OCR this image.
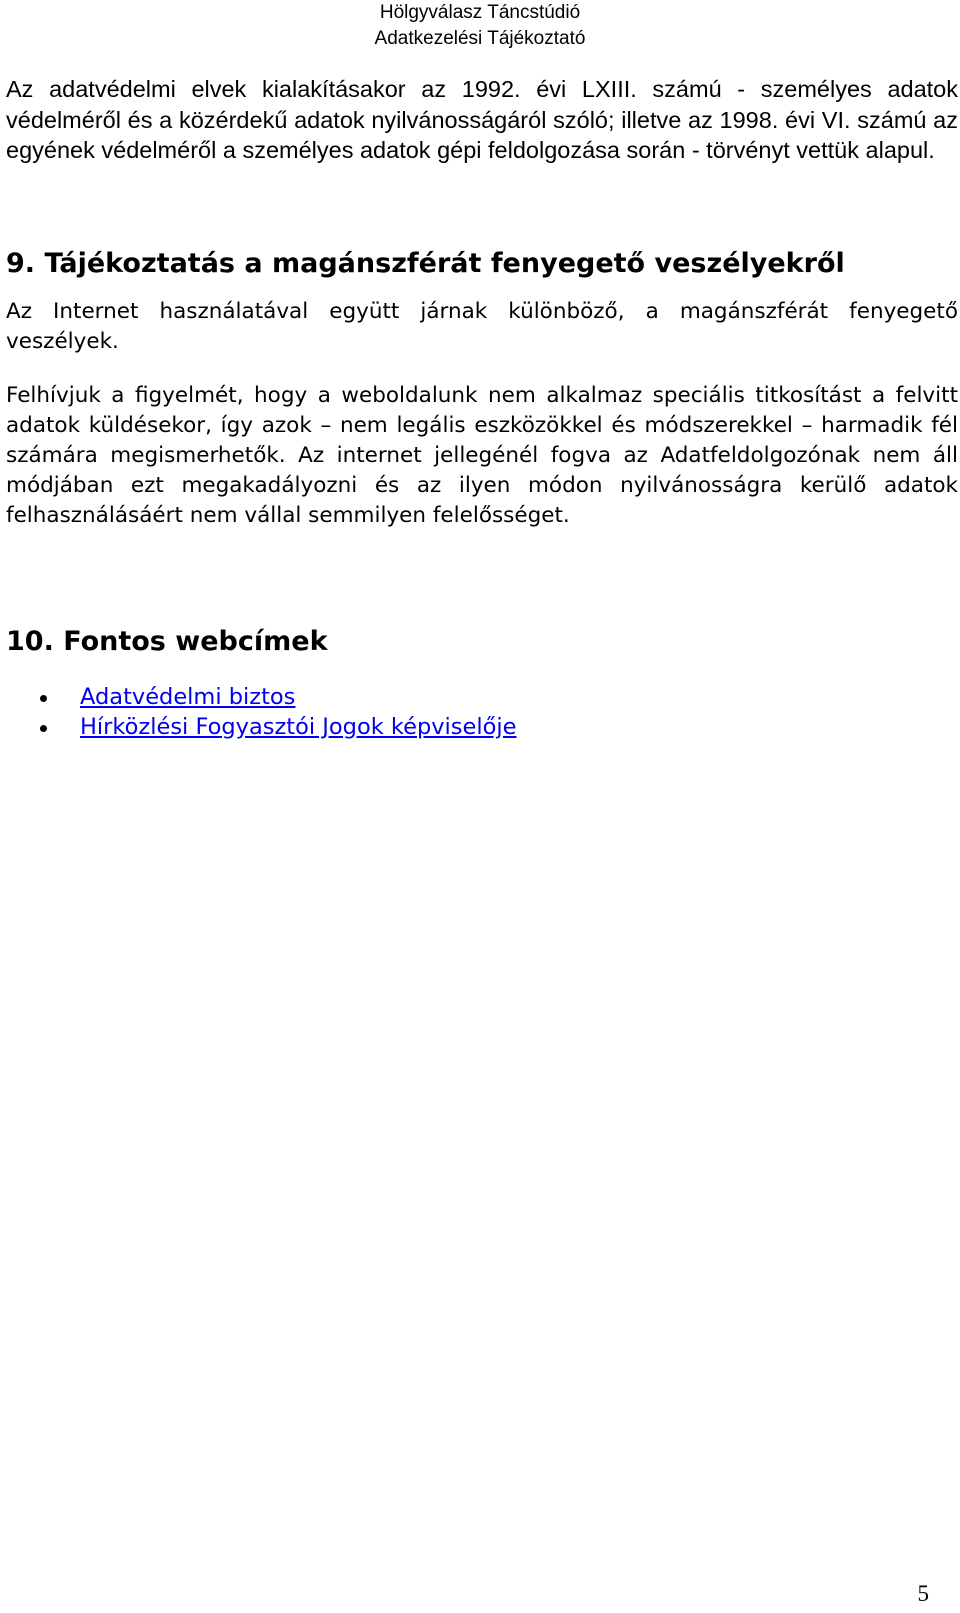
Hölgyválasz Táncstúdió
Adatkezelési Tájékoztató

Az adatvédelmi elvek kialakításakor az 1992. évi LXIII. számú - személyes adatok védelméről és a közérdekű adatok nyilvánosságáról szóló; illetve az 1998. évi VI. számú az egyének védelméről a személyes adatok gépi feldolgozása során - törvényt vettük alapul.

9. Tájékoztatás a magánszférát fenyegető veszélyekről

Az Internet használatával együtt járnak különböző, a magánszférát fenyegető veszélyek.

Felhívjuk a figyelmét, hogy a weboldalunk nem alkalmaz speciális titkosítást a felvitt adatok küldésekor, így azok – nem legális eszközökkel és módszerekkel – harmadik fél számára megismerhetők. Az internet jellegénél fogva az Adatfeldolgozónak nem áll módjában ezt megakadályozni és az ilyen módon nyilvánosságra kerülő adatok felhasználásáért nem vállal semmilyen felelősséget.

10. Fontos webcímek
Adatvédelmi biztos
Hírközlési Fogyasztói Jogok képviselője
5
